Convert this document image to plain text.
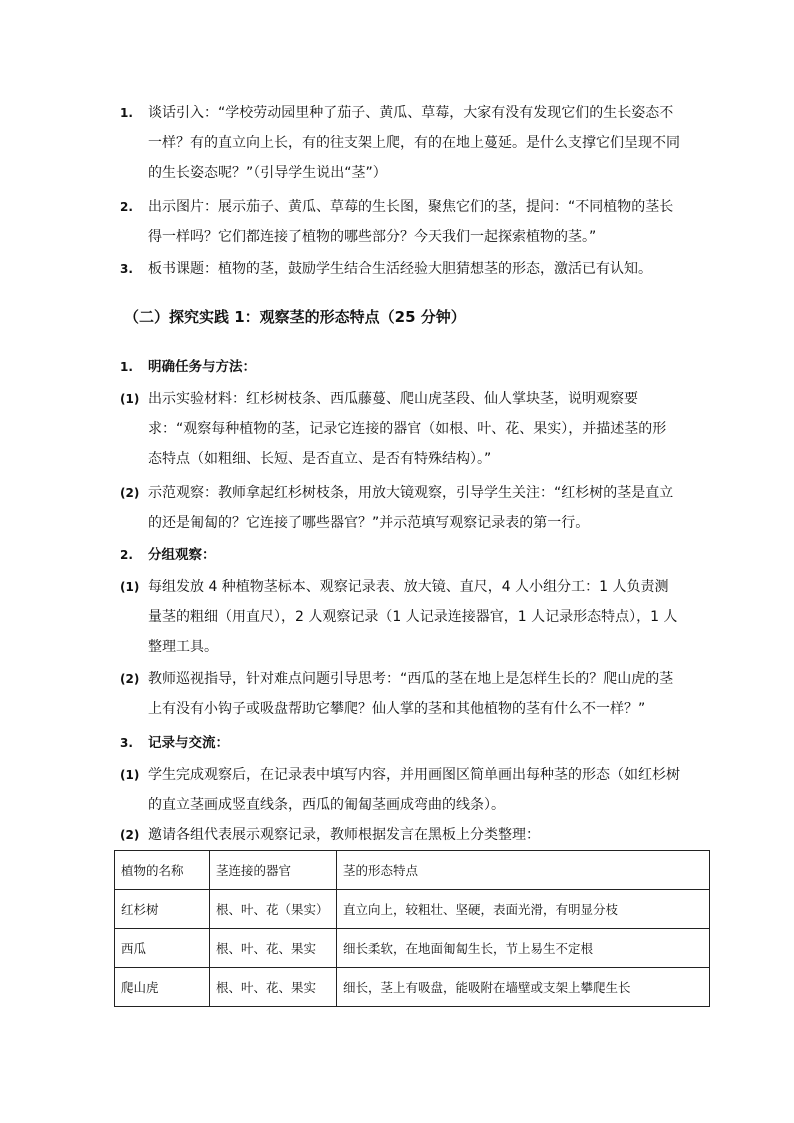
1.	谈话引入：“学校劳动园里种了茄子、黄瓜、草莓，大家有没有发现它们的生长姿态不一样？有的直立向上长，有的往支架上爬，有的在地上蔓延。是什么支撑它们呈现不同的生长姿态呢？”（引导学生说出“茎”）
2.	出示图片：展示茄子、黄瓜、草莓的生长图，聚焦它们的茎，提问：“不同植物的茎长得一样吗？它们都连接了植物的哪些部分？今天我们一起探索植物的茎。”
3.	板书课题：植物的茎，鼓励学生结合生活经验大胆猜想茎的形态，激活已有认知。
（二）探究实践 1：观察茎的形态特点（25 分钟）
1.	明确任务与方法：
(1) 出示实验材料：红杉树枝条、西瓜藤蔓、爬山虎茎段、仙人掌块茎，说明观察要求：“观察每种植物的茎，记录它连接的器官（如根、叶、花、果实），并描述茎的形态特点（如粗细、长短、是否直立、是否有特殊结构）。”
(2) 示范观察：教师拿起红杉树枝条，用放大镜观察，引导学生关注：“红杉树的茎是直立的还是匍匐的？它连接了哪些器官？”并示范填写观察记录表的第一行。
2.	分组观察：
(1) 每组发放 4 种植物茎标本、观察记录表、放大镜、直尺，4 人小组分工：1 人负责测量茎的粗细（用直尺），2 人观察记录（1 人记录连接器官，1 人记录形态特点），1 人整理工具。
(2) 教师巡视指导，针对难点问题引导思考：“西瓜的茎在地上是怎样生长的？爬山虎的茎上有没有小钩子或吸盘帮助它攀爬？仙人掌的茎和其他植物的茎有什么不一样？”
3.	记录与交流：
(1) 学生完成观察后，在记录表中填写内容，并用画图区简单画出每种茎的形态（如红杉树的直立茎画成竖直线条，西瓜的匍匐茎画成弯曲的线条）。
(2) 邀请各组代表展示观察记录，教师根据发言在黑板上分类整理：
植物的名称	茎连接的器官	茎的形态特点
红杉树	根、叶、花（果实）	直立向上，较粗壮、坚硬，表面光滑，有明显分枝
西瓜	根、叶、花、果实	细长柔软，在地面匍匐生长，节上易生不定根
爬山虎	根、叶、花、果实	细长，茎上有吸盘，能吸附在墙壁或支架上攀爬生长
